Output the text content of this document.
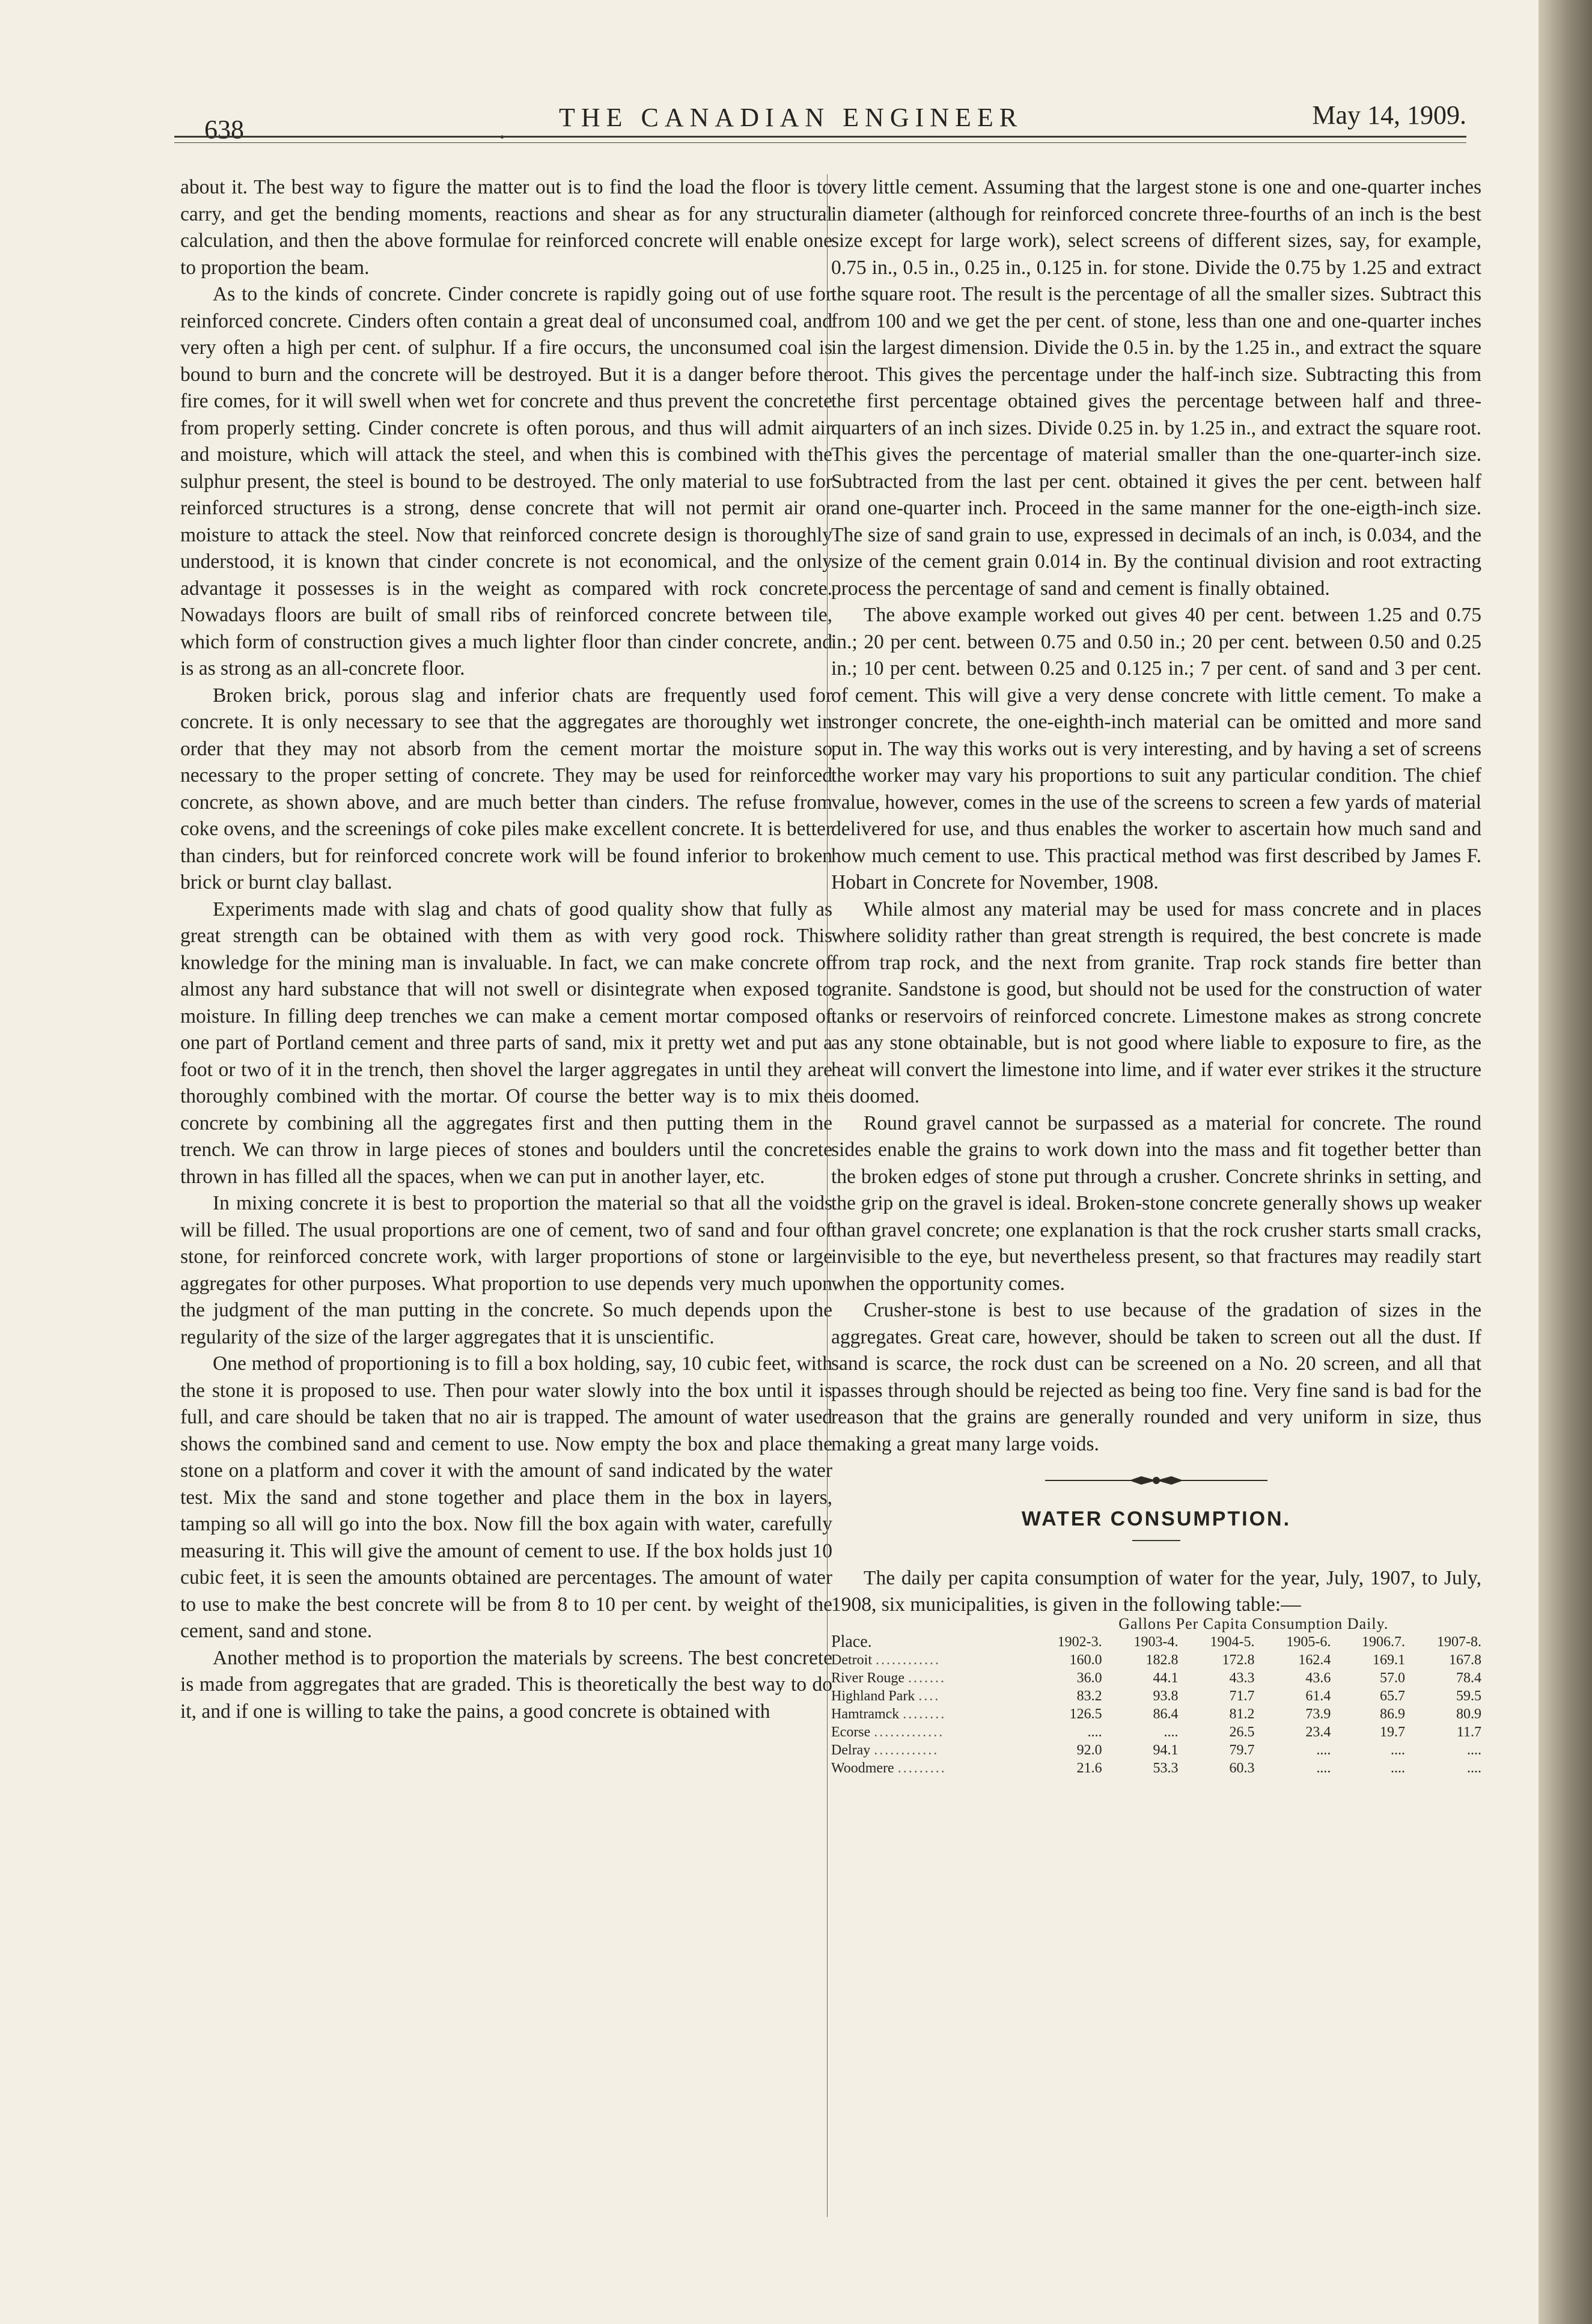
638	. THE CANADIAN ENGINEER	May 14, 1909.

about it. The best way to figure the matter out is to find the load the floor is to carry, and get the bending moments, reactions and shear as for any structural calculation, and then the above formulae for reinforced concrete will enable one to proportion the beam.

As to the kinds of concrete. Cinder concrete is rapidly going out of use for reinforced concrete. Cinders often contain a great deal of unconsumed coal, and very often a high per cent. of sulphur. If a fire occurs, the unconsumed coal is bound to burn and the concrete will be destroyed. But it is a danger before the fire comes, for it will swell when wet for concrete and thus prevent the concrete from properly setting. Cinder concrete is often porous, and thus will admit air and moisture, which will attack the steel, and when this is combined with the sulphur present, the steel is bound to be destroyed. The only material to use for reinforced structures is a strong, dense concrete that will not permit air or moisture to attack the steel. Now that reinforced concrete design is thoroughly understood, it is known that cinder concrete is not economical, and the only advantage it possesses is in the weight as compared with rock concrete. Nowadays floors are built of small ribs of reinforced concrete between tile, which form of construction gives a much lighter floor than cinder concrete, and is as strong as an all-concrete floor.

Broken brick, porous slag and inferior chats are frequently used for concrete. It is only necessary to see that the aggregates are thoroughly wet in order that they may not absorb from the cement mortar the moisture so necessary to the proper setting of concrete. They may be used for reinforced concrete, as shown above, and are much better than cinders. The refuse from coke ovens, and the screenings of coke piles make excellent concrete. It is better than cinders, but for reinforced concrete work will be found inferior to broken brick or burnt clay ballast.

Experiments made with slag and chats of good quality show that fully as great strength can be obtained with them as with very good rock. This knowledge for the mining man is invaluable. In fact, we can make concrete of almost any hard substance that will not swell or disintegrate when exposed to moisture. In filling deep trenches we can make a cement mortar composed of one part of Portland cement and three parts of sand, mix it pretty wet and put a foot or two of it in the trench, then shovel the larger aggregates in until they are thoroughly combined with the mortar. Of course the better way is to mix the concrete by combining all the aggregates first and then putting them in the trench. We can throw in large pieces of stones and boulders until the concrete thrown in has filled all the spaces, when we can put in another layer, etc.

In mixing concrete it is best to proportion the material so that all the voids will be filled. The usual proportions are one of cement, two of sand and four of stone, for reinforced concrete work, with larger proportions of stone or large aggregates for other purposes. What proportion to use depends very much upon the judgment of the man putting in the concrete. So much depends upon the regularity of the size of the larger aggregates that it is unscientific.

One method of proportioning is to fill a box holding, say, 10 cubic feet, with the stone it is proposed to use. Then pour water slowly into the box until it is full, and care should be taken that no air is trapped. The amount of water used shows the combined sand and cement to use. Now empty the box and place the stone on a platform and cover it with the amount of sand indicated by the water test. Mix the sand and stone together and place them in the box in layers, tamping so all will go into the box. Now fill the box again with water, carefully measuring it. This will give the amount of cement to use. If the box holds just 10 cubic feet, it is seen the amounts obtained are percentages. The amount of water to use to make the best concrete will be from 8 to 10 per cent. by weight of the cement, sand and stone.

Another method is to proportion the materials by screens. The best concrete is made from aggregates that are graded. This is theoretically the best way to do it, and if one is willing to take the pains, a good concrete is obtained with

very little cement. Assuming that the largest stone is one and one-quarter inches in diameter (although for reinforced concrete three-fourths of an inch is the best size except for large work), select screens of different sizes, say, for example, 0.75 in., 0.5 in., 0.25 in., 0.125 in. for stone. Divide the 0.75 by 1.25 and extract the square root. The result is the percentage of all the smaller sizes. Subtract this from 100 and we get the per cent. of stone, less than one and one-quarter inches in the largest dimension. Divide the 0.5 in. by the 1.25 in., and extract the square root. This gives the percentage under the half-inch size. Subtracting this from the first percentage obtained gives the percentage between half and three-quarters of an inch sizes. Divide 0.25 in. by 1.25 in., and extract the square root. This gives the percentage of material smaller than the one-quarter-inch size. Subtracted from the last per cent. obtained it gives the per cent. between half and one-quarter inch. Proceed in the same manner for the one-eigth-inch size. The size of sand grain to use, expressed in decimals of an inch, is 0.034, and the size of the cement grain 0.014 in. By the continual division and root extracting process the percentage of sand and cement is finally obtained.

The above example worked out gives 40 per cent. between 1.25 and 0.75 in.; 20 per cent. between 0.75 and 0.50 in.; 20 per cent. between 0.50 and 0.25 in.; 10 per cent. between 0.25 and 0.125 in.; 7 per cent. of sand and 3 per cent. of cement. This will give a very dense concrete with little cement. To make a stronger concrete, the one-eighth-inch material can be omitted and more sand put in. The way this works out is very interesting, and by having a set of screens the worker may vary his proportions to suit any particular condition. The chief value, however, comes in the use of the screens to screen a few yards of material delivered for use, and thus enables the worker to ascertain how much sand and how much cement to use. This practical method was first described by James F. Hobart in Concrete for November, 1908.

While almost any material may be used for mass concrete and in places where solidity rather than great strength is required, the best concrete is made from trap rock, and the next from granite. Trap rock stands fire better than granite. Sandstone is good, but should not be used for the construction of water tanks or reservoirs of reinforced concrete. Limestone makes as strong concrete as any stone obtainable, but is not good where liable to exposure to fire, as the heat will convert the limestone into lime, and if water ever strikes it the structure is doomed.

Round gravel cannot be surpassed as a material for concrete. The round sides enable the grains to work down into the mass and fit together better than the broken edges of stone put through a crusher. Concrete shrinks in setting, and the grip on the gravel is ideal. Broken-stone concrete generally shows up weaker than gravel concrete; one explanation is that the rock crusher starts small cracks, invisible to the eye, but nevertheless present, so that fractures may readily start when the opportunity comes.

Crusher-stone is best to use because of the gradation of sizes in the aggregates. Great care, however, should be taken to screen out all the dust. If sand is scarce, the rock dust can be screened on a No. 20 screen, and all that passes through should be rejected as being too fine. Very fine sand is bad for the reason that the grains are generally rounded and very uniform in size, thus making a great many large voids.

WATER CONSUMPTION.

The daily per capita consumption of water for the year, July, 1907, to July, 1908, six municipalities, is given in the following table:—

Place.	Gallons Per Capita Consumption Daily.					
	1902-3.	1903-4.	1904-5.	1905-6.	1906.7.	1907-8.
Detroit ............	160.0	182.8	172.8	162.4	169.1	167.8
River Rouge .......	36.0	44.1	43.3	43.6	57.0	78.4
Highland Park ....	83.2	93.8	71.7	61.4	65.7	59.5
Hamtramck ........	126.5	86.4	81.2	73.9	86.9	80.9
Ecorse .............	....	....	26.5	23.4	19.7	11.7
Delray ............	92.0	94.1	79.7	....	....	....
Woodmere .........	21.6	53.3	60.3	....	....	....
